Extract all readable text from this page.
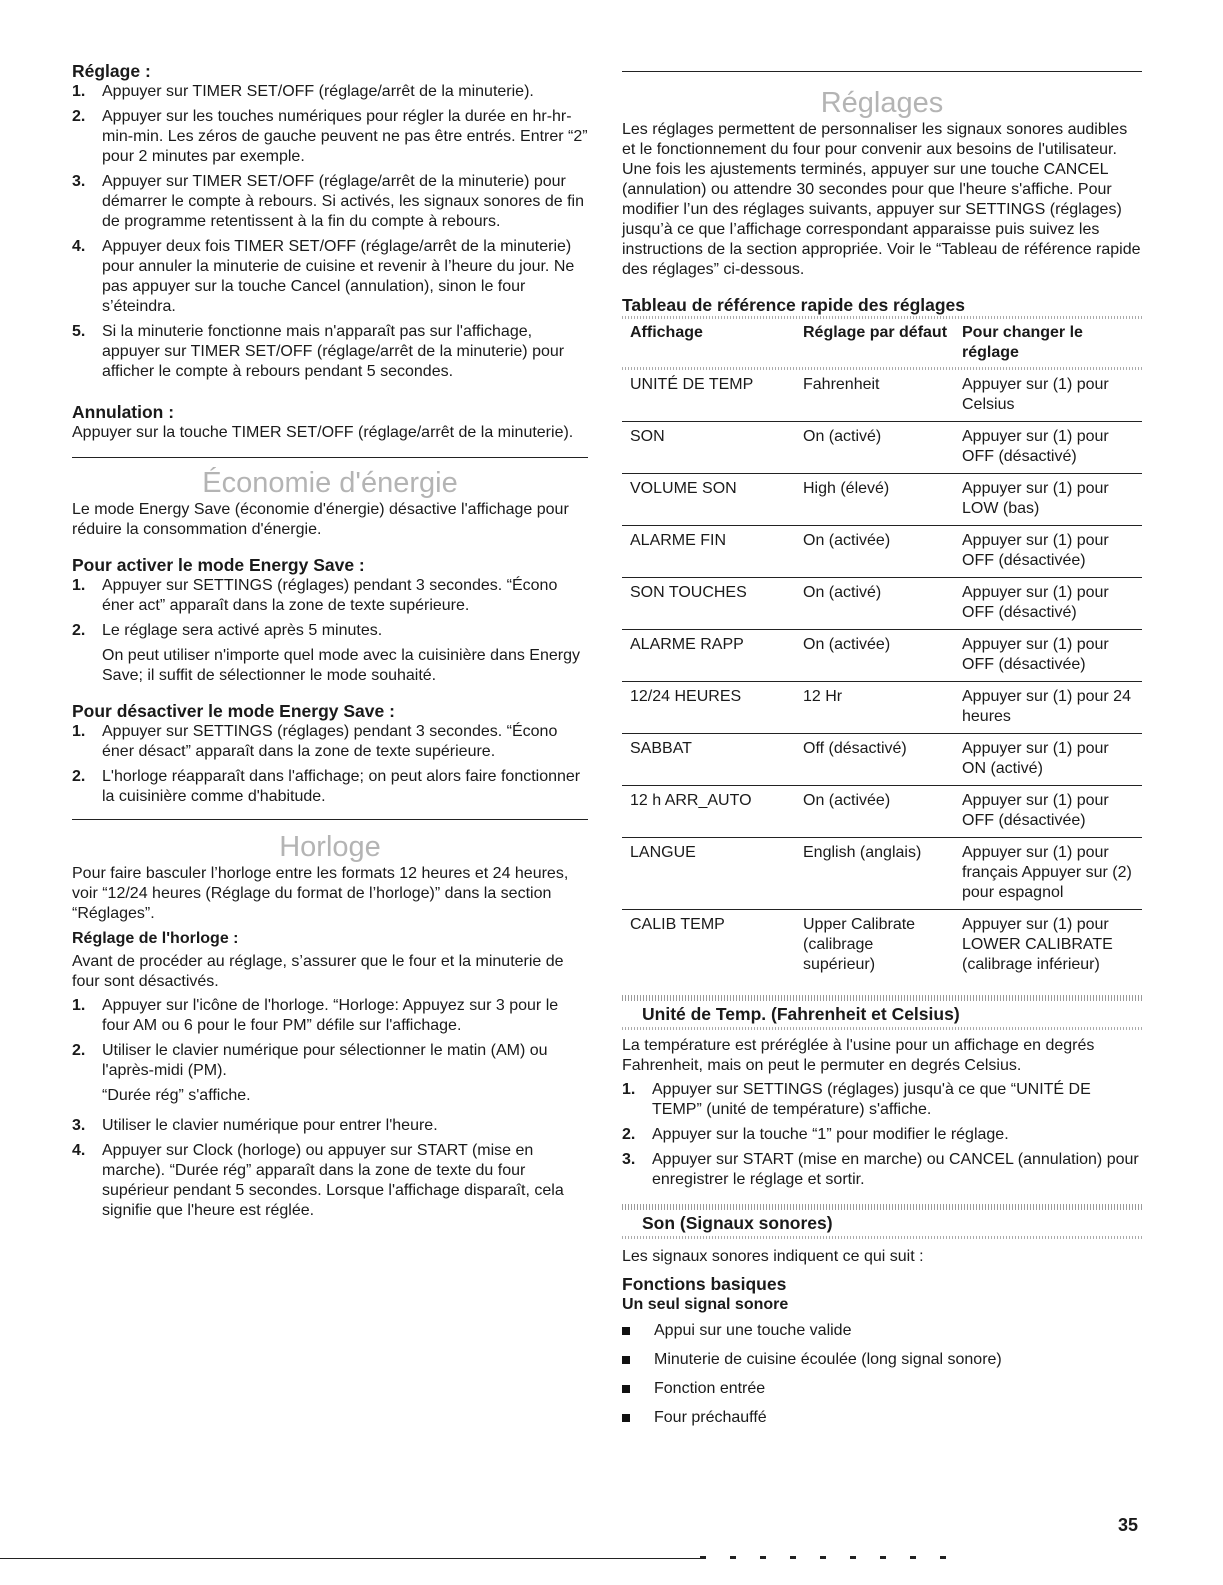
Réglage :

1. Appuyer sur TIMER SET/OFF (réglage/arrêt de la minuterie).
2. Appuyer sur les touches numériques pour régler la durée en hr-hr-min-min. Les zéros de gauche peuvent ne pas être entrés. Entrer “2” pour 2 minutes par exemple.
3. Appuyer sur TIMER SET/OFF (réglage/arrêt de la minuterie) pour démarrer le compte à rebours. Si activés, les signaux sonores de fin de programme retentissent à la fin du compte à rebours.
4. Appuyer deux fois TIMER SET/OFF (réglage/arrêt de la minuterie) pour annuler la minuterie de cuisine et revenir à l’heure du jour. Ne pas appuyer sur la touche Cancel (annulation), sinon le four s’éteindra.
5. Si la minuterie fonctionne mais n'apparaît pas sur l'affichage, appuyer sur TIMER SET/OFF (réglage/arrêt de la minuterie) pour afficher le compte à rebours pendant 5 secondes.

Annulation :

Appuyer sur la touche TIMER SET/OFF (réglage/arrêt de la minuterie).

Économie d'énergie

Le mode Energy Save (économie d'énergie) désactive l'affichage pour réduire la consommation d'énergie.

Pour activer le mode Energy Save :

1. Appuyer sur SETTINGS (réglages) pendant 3 secondes. “Écono éner act” apparaît dans la zone de texte supérieure.
2. Le réglage sera activé après 5 minutes.

On peut utiliser n'importe quel mode avec la cuisinière dans Energy Save; il suffit de sélectionner le mode souhaité.

Pour désactiver le mode Energy Save :

1. Appuyer sur SETTINGS (réglages) pendant 3 secondes. “Écono éner désact” apparaît dans la zone de texte supérieure.
2. L'horloge réapparaît dans l'affichage; on peut alors faire fonctionner la cuisinière comme d'habitude.

Horloge

Pour faire basculer l’horloge entre les formats 12 heures et 24 heures, voir “12/24 heures (Réglage du format de l’horloge)” dans la section “Réglages”.

Réglage de l'horloge :

Avant de procéder au réglage, s’assurer que le four et la minuterie de four sont désactivés.

1. Appuyer sur l'icône de l'horloge. “Horloge: Appuyez sur 3 pour le four AM ou 6 pour le four PM” défile sur l'affichage.
2. Utiliser le clavier numérique pour sélectionner le matin (AM) ou l'après-midi (PM).

“Durée rég” s'affiche.

3. Utiliser le clavier numérique pour entrer l'heure.
4. Appuyer sur Clock (horloge) ou appuyer sur START (mise en marche). “Durée rég” apparaît dans la zone de texte du four supérieur pendant 5 secondes. Lorsque l'affichage disparaît, cela signifie que l'heure est réglée.

Réglages

Les réglages permettent de personnaliser les signaux sonores audibles et le fonctionnement du four pour convenir aux besoins de l'utilisateur. Une fois les ajustements terminés, appuyer sur une touche CANCEL (annulation) ou attendre 30 secondes pour que l'heure s'affiche. Pour modifier l’un des réglages suivants, appuyer sur SETTINGS (réglages) jusqu’à ce que l’affichage correspondant apparaisse puis suivez les instructions de la section appropriée. Voir le “Tableau de référence rapide des réglages” ci-dessous.

Tableau de référence rapide des réglages

Affichage	Réglage par défaut	Pour changer le réglage

UNITÉ DE TEMP	Fahrenheit	Appuyer sur (1) pour Celsius
SON	On (activé)	Appuyer sur (1) pour OFF (désactivé)
VOLUME SON	High (élevé)	Appuyer sur (1) pour LOW (bas)
ALARME FIN	On (activée)	Appuyer sur (1) pour OFF (désactivée)
SON TOUCHES	On (activé)	Appuyer sur (1) pour OFF (désactivé)
ALARME RAPP	On (activée)	Appuyer sur (1) pour OFF (désactivée)
12/24 HEURES	12 Hr	Appuyer sur (1) pour 24 heures
SABBAT	Off (désactivé)	Appuyer sur (1) pour ON (activé)
12 h ARR_AUTO	On (activée)	Appuyer sur (1) pour OFF (désactivée)
LANGUE	English (anglais)	Appuyer sur (1) pour français Appuyer sur (2) pour espagnol
CALIB TEMP	Upper Calibrate (calibrage supérieur)	Appuyer sur (1) pour LOWER CALIBRATE (calibrage inférieur)

Unité de Temp. (Fahrenheit et Celsius)

La température est préréglée à l'usine pour un affichage en degrés Fahrenheit, mais on peut le permuter en degrés Celsius.

1. Appuyer sur SETTINGS (réglages) jusqu'à ce que “UNITÉ DE TEMP” (unité de température) s'affiche.
2. Appuyer sur la touche “1” pour modifier le réglage.
3. Appuyer sur START (mise en marche) ou CANCEL (annulation) pour enregistrer le réglage et sortir.

Son (Signaux sonores)

Les signaux sonores indiquent ce qui suit :

Fonctions basiques

Un seul signal sonore

Appui sur une touche valide
Minuterie de cuisine écoulée (long signal sonore)
Fonction entrée
Four préchauffé
35
